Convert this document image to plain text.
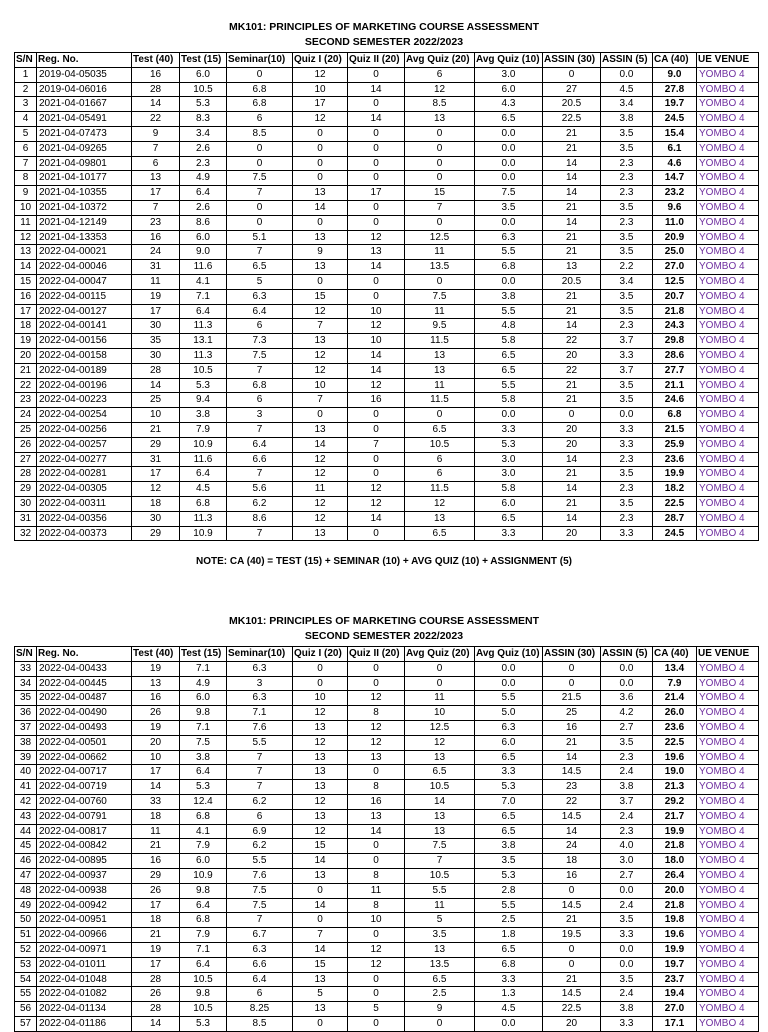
MK101: PRINCIPLES OF MARKETING COURSE ASSESSMENT
SECOND SEMESTER 2022/2023
S/N	Reg. No.	Test (40)	Test (15)	Seminar(10)	Quiz I (20)	Quiz II (20)	Avg Quiz (20)	Avg Quiz (10)	ASSIN (30)	ASSIN (5)	CA (40)	UE VENUE
1	2019-04-05035	16	6.0	0	12	0	6	3.0	0	0.0	9.0	YOMBO 4
2	2019-04-06016	28	10.5	6.8	10	14	12	6.0	27	4.5	27.8	YOMBO 4
3	2021-04-01667	14	5.3	6.8	17	0	8.5	4.3	20.5	3.4	19.7	YOMBO 4
4	2021-04-05491	22	8.3	6	12	14	13	6.5	22.5	3.8	24.5	YOMBO 4
5	2021-04-07473	9	3.4	8.5	0	0	0	0.0	21	3.5	15.4	YOMBO 4
6	2021-04-09265	7	2.6	0	0	0	0	0.0	21	3.5	6.1	YOMBO 4
7	2021-04-09801	6	2.3	0	0	0	0	0.0	14	2.3	4.6	YOMBO 4
8	2021-04-10177	13	4.9	7.5	0	0	0	0.0	14	2.3	14.7	YOMBO 4
9	2021-04-10355	17	6.4	7	13	17	15	7.5	14	2.3	23.2	YOMBO 4
10	2021-04-10372	7	2.6	0	14	0	7	3.5	21	3.5	9.6	YOMBO 4
11	2021-04-12149	23	8.6	0	0	0	0	0.0	14	2.3	11.0	YOMBO 4
12	2021-04-13353	16	6.0	5.1	13	12	12.5	6.3	21	3.5	20.9	YOMBO 4
13	2022-04-00021	24	9.0	7	9	13	11	5.5	21	3.5	25.0	YOMBO 4
14	2022-04-00046	31	11.6	6.5	13	14	13.5	6.8	13	2.2	27.0	YOMBO 4
15	2022-04-00047	11	4.1	5	0	0	0	0.0	20.5	3.4	12.5	YOMBO 4
16	2022-04-00115	19	7.1	6.3	15	0	7.5	3.8	21	3.5	20.7	YOMBO 4
17	2022-04-00127	17	6.4	6.4	12	10	11	5.5	21	3.5	21.8	YOMBO 4
18	2022-04-00141	30	11.3	6	7	12	9.5	4.8	14	2.3	24.3	YOMBO 4
19	2022-04-00156	35	13.1	7.3	13	10	11.5	5.8	22	3.7	29.8	YOMBO 4
20	2022-04-00158	30	11.3	7.5	12	14	13	6.5	20	3.3	28.6	YOMBO 4
21	2022-04-00189	28	10.5	7	12	14	13	6.5	22	3.7	27.7	YOMBO 4
22	2022-04-00196	14	5.3	6.8	10	12	11	5.5	21	3.5	21.1	YOMBO 4
23	2022-04-00223	25	9.4	6	7	16	11.5	5.8	21	3.5	24.6	YOMBO 4
24	2022-04-00254	10	3.8	3	0	0	0	0.0	0	0.0	6.8	YOMBO 4
25	2022-04-00256	21	7.9	7	13	0	6.5	3.3	20	3.3	21.5	YOMBO 4
26	2022-04-00257	29	10.9	6.4	14	7	10.5	5.3	20	3.3	25.9	YOMBO 4
27	2022-04-00277	31	11.6	6.6	12	0	6	3.0	14	2.3	23.6	YOMBO 4
28	2022-04-00281	17	6.4	7	12	0	6	3.0	21	3.5	19.9	YOMBO 4
29	2022-04-00305	12	4.5	5.6	11	12	11.5	5.8	14	2.3	18.2	YOMBO 4
30	2022-04-00311	18	6.8	6.2	12	12	12	6.0	21	3.5	22.5	YOMBO 4
31	2022-04-00356	30	11.3	8.6	12	14	13	6.5	14	2.3	28.7	YOMBO 4
32	2022-04-00373	29	10.9	7	13	0	6.5	3.3	20	3.3	24.5	YOMBO 4
NOTE: CA (40) = TEST (15) + SEMINAR (10) + AVG QUIZ (10) + ASSIGNMENT (5)
MK101: PRINCIPLES OF MARKETING COURSE ASSESSMENT
SECOND SEMESTER 2022/2023
S/N	Reg. No.	Test (40)	Test (15)	Seminar(10)	Quiz I (20)	Quiz II (20)	Avg Quiz (20)	Avg Quiz (10)	ASSIN (30)	ASSIN (5)	CA (40)	UE VENUE
33	2022-04-00433	19	7.1	6.3	0	0	0	0.0	0	0.0	13.4	YOMBO 4
34	2022-04-00445	13	4.9	3	0	0	0	0.0	0	0.0	7.9	YOMBO 4
35	2022-04-00487	16	6.0	6.3	10	12	11	5.5	21.5	3.6	21.4	YOMBO 4
36	2022-04-00490	26	9.8	7.1	12	8	10	5.0	25	4.2	26.0	YOMBO 4
37	2022-04-00493	19	7.1	7.6	13	12	12.5	6.3	16	2.7	23.6	YOMBO 4
38	2022-04-00501	20	7.5	5.5	12	12	12	6.0	21	3.5	22.5	YOMBO 4
39	2022-04-00662	10	3.8	7	13	13	13	6.5	14	2.3	19.6	YOMBO 4
40	2022-04-00717	17	6.4	7	13	0	6.5	3.3	14.5	2.4	19.0	YOMBO 4
41	2022-04-00719	14	5.3	7	13	8	10.5	5.3	23	3.8	21.3	YOMBO 4
42	2022-04-00760	33	12.4	6.2	12	16	14	7.0	22	3.7	29.2	YOMBO 4
43	2022-04-00791	18	6.8	6	13	13	13	6.5	14.5	2.4	21.7	YOMBO 4
44	2022-04-00817	11	4.1	6.9	12	14	13	6.5	14	2.3	19.9	YOMBO 4
45	2022-04-00842	21	7.9	6.2	15	0	7.5	3.8	24	4.0	21.8	YOMBO 4
46	2022-04-00895	16	6.0	5.5	14	0	7	3.5	18	3.0	18.0	YOMBO 4
47	2022-04-00937	29	10.9	7.6	13	8	10.5	5.3	16	2.7	26.4	YOMBO 4
48	2022-04-00938	26	9.8	7.5	0	11	5.5	2.8	0	0.0	20.0	YOMBO 4
49	2022-04-00942	17	6.4	7.5	14	8	11	5.5	14.5	2.4	21.8	YOMBO 4
50	2022-04-00951	18	6.8	7	0	10	5	2.5	21	3.5	19.8	YOMBO 4
51	2022-04-00966	21	7.9	6.7	7	0	3.5	1.8	19.5	3.3	19.6	YOMBO 4
52	2022-04-00971	19	7.1	6.3	14	12	13	6.5	0	0.0	19.9	YOMBO 4
53	2022-04-01011	17	6.4	6.6	15	12	13.5	6.8	0	0.0	19.7	YOMBO 4
54	2022-04-01048	28	10.5	6.4	13	0	6.5	3.3	21	3.5	23.7	YOMBO 4
55	2022-04-01082	26	9.8	6	5	0	2.5	1.3	14.5	2.4	19.4	YOMBO 4
56	2022-04-01134	28	10.5	8.25	13	5	9	4.5	22.5	3.8	27.0	YOMBO 4
57	2022-04-01186	14	5.3	8.5	0	0	0	0.0	20	3.3	17.1	YOMBO 4
